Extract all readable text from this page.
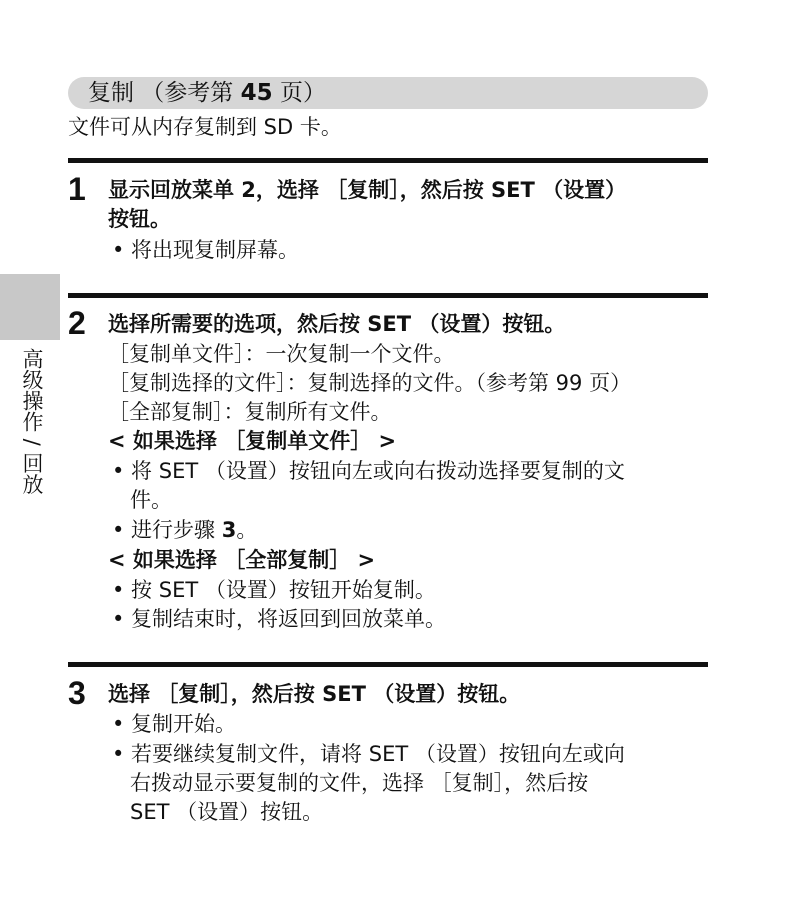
复制 （参考第 45 页）
文件可从内存复制到 SD 卡。
高级操作 / 回放
1 显示回放菜单 2，选择 ［复制］，然后按 SET （设置）
按钮。
• 将出现复制屏幕。
2 选择所需要的选项，然后按 SET （设置）按钮。
［复制单文件］：一次复制一个文件。
［复制选择的文件］：复制选择的文件。（参考第 99 页）
［全部复制］：复制所有文件。
< 如果选择 ［复制单文件］ >
• 将 SET （设置）按钮向左或向右拨动选择要复制的文
件。
• 进行步骤 3。
< 如果选择 ［全部复制］ >
• 按 SET （设置）按钮开始复制。
• 复制结束时，将返回到回放菜单。
3 选择 ［复制］，然后按 SET （设置）按钮。
• 复制开始。
• 若要继续复制文件，请将 SET （设置）按钮向左或向
右拨动显示要复制的文件，选择 ［复制］，然后按
SET （设置）按钮。
